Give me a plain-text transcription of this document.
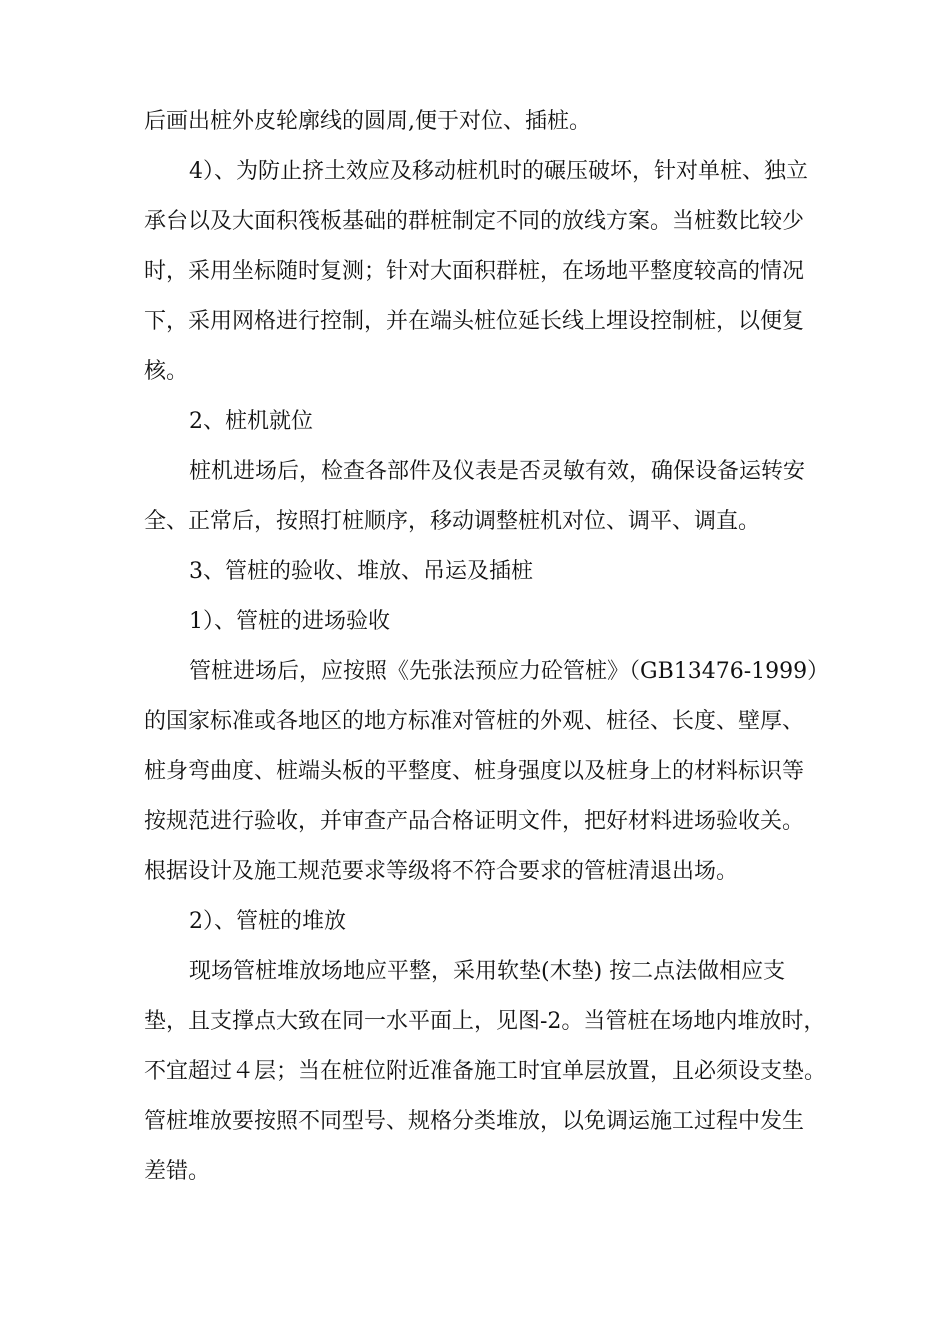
后画出桩外皮轮廓线的圆周,便于对位、插桩。
4）、为防止挤土效应及移动桩机时的碾压破坏，针对单桩、独立
承台以及大面积筏板基础的群桩制定不同的放线方案。当桩数比较少
时，采用坐标随时复测；针对大面积群桩，在场地平整度较高的情况
下，采用网格进行控制，并在端头桩位延长线上埋设控制桩，以便复
核。
2、桩机就位
桩机进场后，检查各部件及仪表是否灵敏有效，确保设备运转安
全、正常后，按照打桩顺序，移动调整桩机对位、调平、调直。
3、管桩的验收、堆放、吊运及插桩
1）、管桩的进场验收
管桩进场后，应按照《先张法预应力砼管桩》（GB13476-1999）
的国家标准或各地区的地方标准对管桩的外观、桩径、长度、壁厚、
桩身弯曲度、桩端头板的平整度、桩身强度以及桩身上的材料标识等
按规范进行验收，并审查产品合格证明文件，把好材料进场验收关。
根据设计及施工规范要求等级将不符合要求的管桩清退出场。
2）、管桩的堆放
现场管桩堆放场地应平整，采用软垫(木垫) 按二点法做相应支
垫，且支撑点大致在同一水平面上，见图-2。当管桩在场地内堆放时，
不宜超过４层；当在桩位附近准备施工时宜单层放置，且必须设支垫。
管桩堆放要按照不同型号、规格分类堆放，以免调运施工过程中发生
差错。
